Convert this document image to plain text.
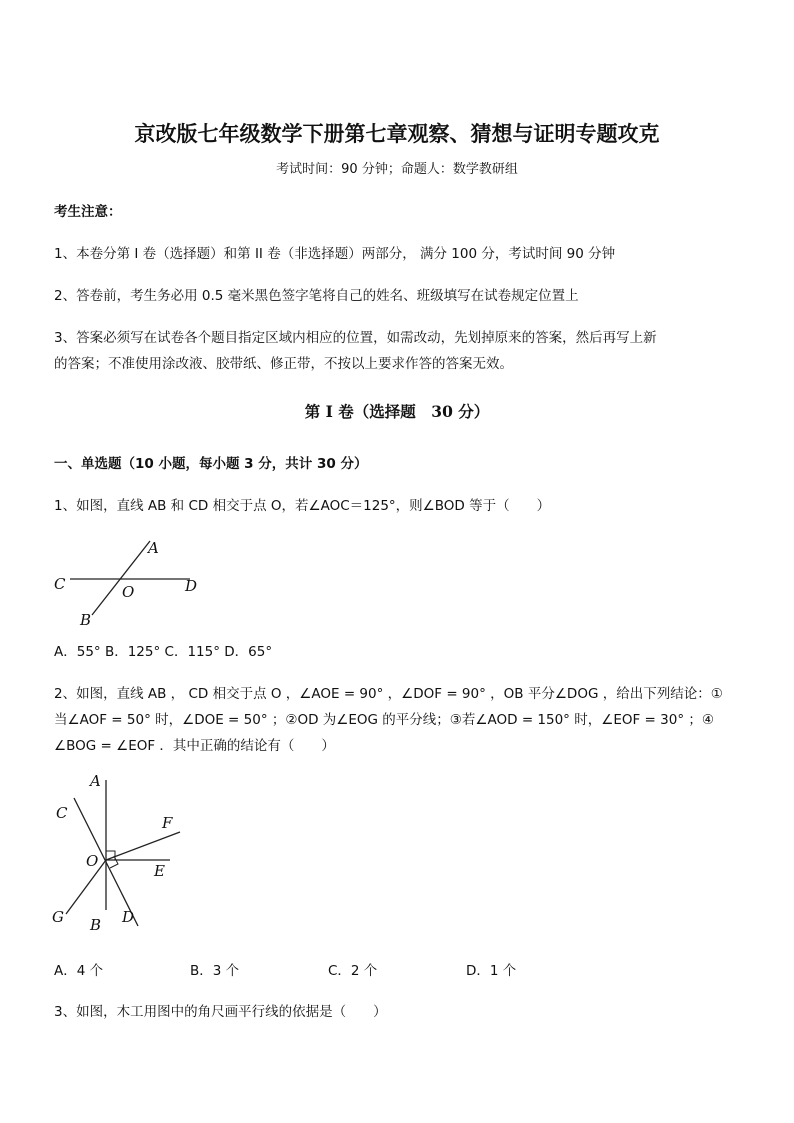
京改版七年级数学下册第七章观察、猜想与证明专题攻克
考试时间：90 分钟；命题人：数学教研组
考生注意：
1、本卷分第 I 卷（选择题）和第 II 卷（非选择题）两部分， 满分 100 分，考试时间 90 分钟
2、答卷前，考生务必用 0.5 毫米黑色签字笔将自己的姓名、班级填写在试卷规定位置上
3、答案必须写在试卷各个题目指定区域内相应的位置，如需改动，先划掉原来的答案，然后再写上新
的答案；不准使用涂改液、胶带纸、修正带，不按以上要求作答的答案无效。
第 I 卷（选择题　30 分）
一、单选题（10 小题，每小题 3 分，共计 30 分）
1、如图，直线 AB 和 CD 相交于点 O，若∠AOC＝125°，则∠BOD 等于（　　）
A
B
C	D
O
A．55° B．125° C．115° D．65°
2、如图，直线 AB ， CD 相交于点 O ，∠AOE = 90° ，∠DOF = 90° ，OB 平分∠DOG ，给出下列结论：①
当∠AOF = 50° 时，∠DOE = 50° ；②OD 为∠EOG 的平分线；③若∠AOD = 150° 时，∠EOF = 30° ；④
∠BOG = ∠EOF ．其中正确的结论有（　　）
A
B
C
D
E
F
G
O
A．4 个	B．3 个	C．2 个	D．1 个
3、如图，木工用图中的角尺画平行线的依据是（　　）
